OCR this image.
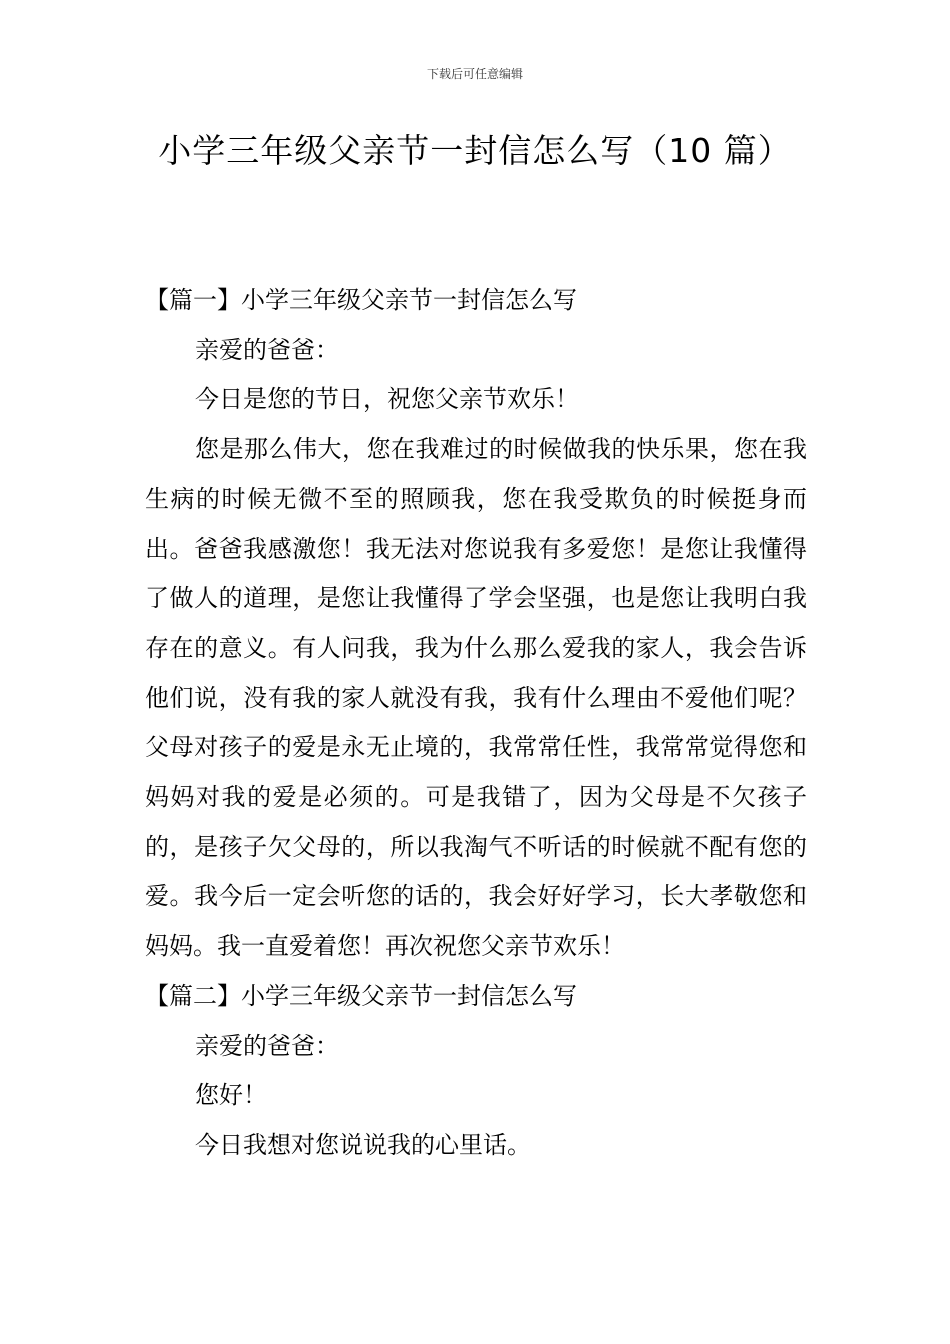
下载后可任意编辑
小学三年级父亲节一封信怎么写（10 篇）

【篇一】小学三年级父亲节一封信怎么写

亲爱的爸爸：

今日是您的节日，祝您父亲节欢乐！

您是那么伟大，您在我难过的时候做我的快乐果，您在我生病的时候无微不至的照顾我，您在我受欺负的时候挺身而出。爸爸我感激您！我无法对您说我有多爱您！是您让我懂得了做人的道理，是您让我懂得了学会坚强，也是您让我明白我存在的意义。有人问我，我为什么那么爱我的家人，我会告诉他们说，没有我的家人就没有我，我有什么理由不爱他们呢？父母对孩子的爱是永无止境的，我常常任性，我常常觉得您和妈妈对我的爱是必须的。可是我错了，因为父母是不欠孩子的，是孩子欠父母的，所以我淘气不听话的时候就不配有您的爱。我今后一定会听您的话的，我会好好学习，长大孝敬您和妈妈。我一直爱着您！再次祝您父亲节欢乐！

【篇二】小学三年级父亲节一封信怎么写

亲爱的爸爸：

您好！

今日我想对您说说我的心里话。
